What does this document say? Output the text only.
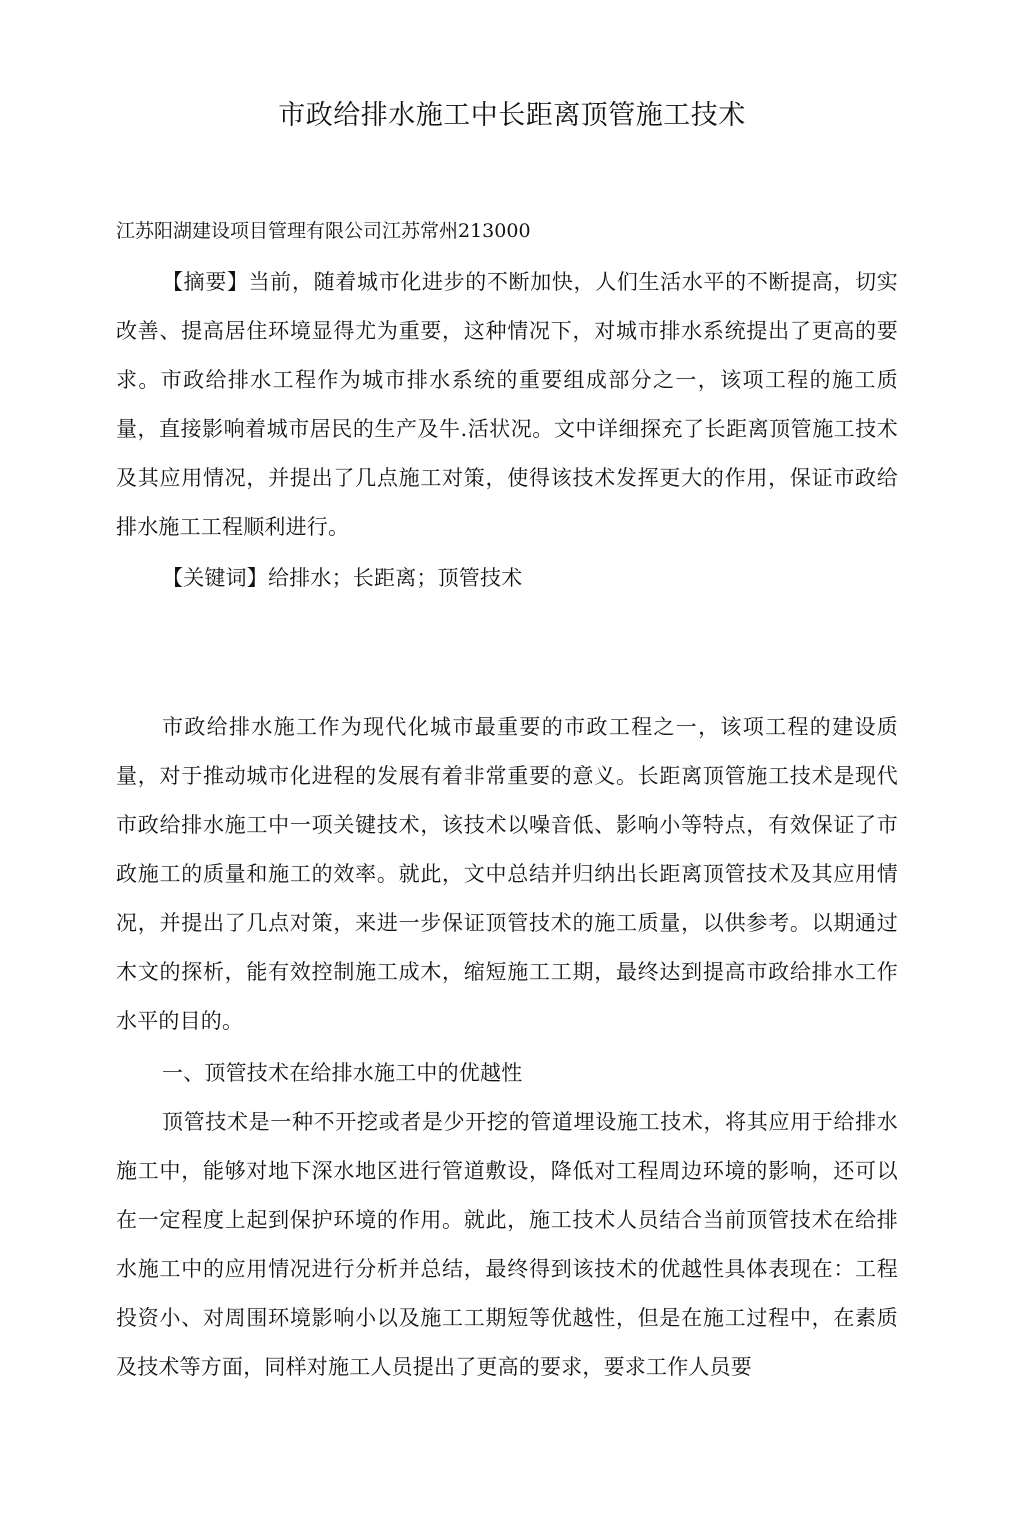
市政给排水施工中长距离顶管施工技术

江苏阳湖建设项目管理有限公司江苏常州213000

【摘要】当前，随着城市化进步的不断加快，人们生活水平的不断提高，切实改善、提高居住环境显得尤为重要，这种情况下，对城市排水系统提出了更高的要求。市政给排水工程作为城市排水系统的重要组成部分之一，该项工程的施工质量，直接影响着城市居民的生产及牛.活状况。文中详细探充了长距离顶管施工技术及其应用情况，并提出了几点施工对策，使得该技术发挥更大的作用，保证市政给排水施工工程顺利进行。

【关键词】给排水；长距离；顶管技术

市政给排水施工作为现代化城市最重要的市政工程之一，该项工程的建设质量，对于推动城市化进程的发展有着非常重要的意义。长距离顶管施工技术是现代市政给排水施工中一项关键技术，该技术以噪音低、影响小等特点，有效保证了市政施工的质量和施工的效率。就此，文中总结并归纳出长距离顶管技术及其应用情况，并提出了几点对策，来进一步保证顶管技术的施工质量，以供参考。以期通过木文的探析，能有效控制施工成木，缩短施工工期，最终达到提高市政给排水工作水平的目的。

一、顶管技术在给排水施工中的优越性

顶管技术是一种不开挖或者是少开挖的管道埋设施工技术，将其应用于给排水施工中，能够对地下深水地区进行管道敷设，降低对工程周边环境的影响，还可以在一定程度上起到保护环境的作用。就此，施工技术人员结合当前顶管技术在给排水施工中的应用情况进行分析并总结，最终得到该技术的优越性具体表现在：工程投资小、对周围环境影响小以及施工工期短等优越性，但是在施工过程中，在素质及技术等方面，同样对施工人员提出了更高的要求，要求工作人员要
